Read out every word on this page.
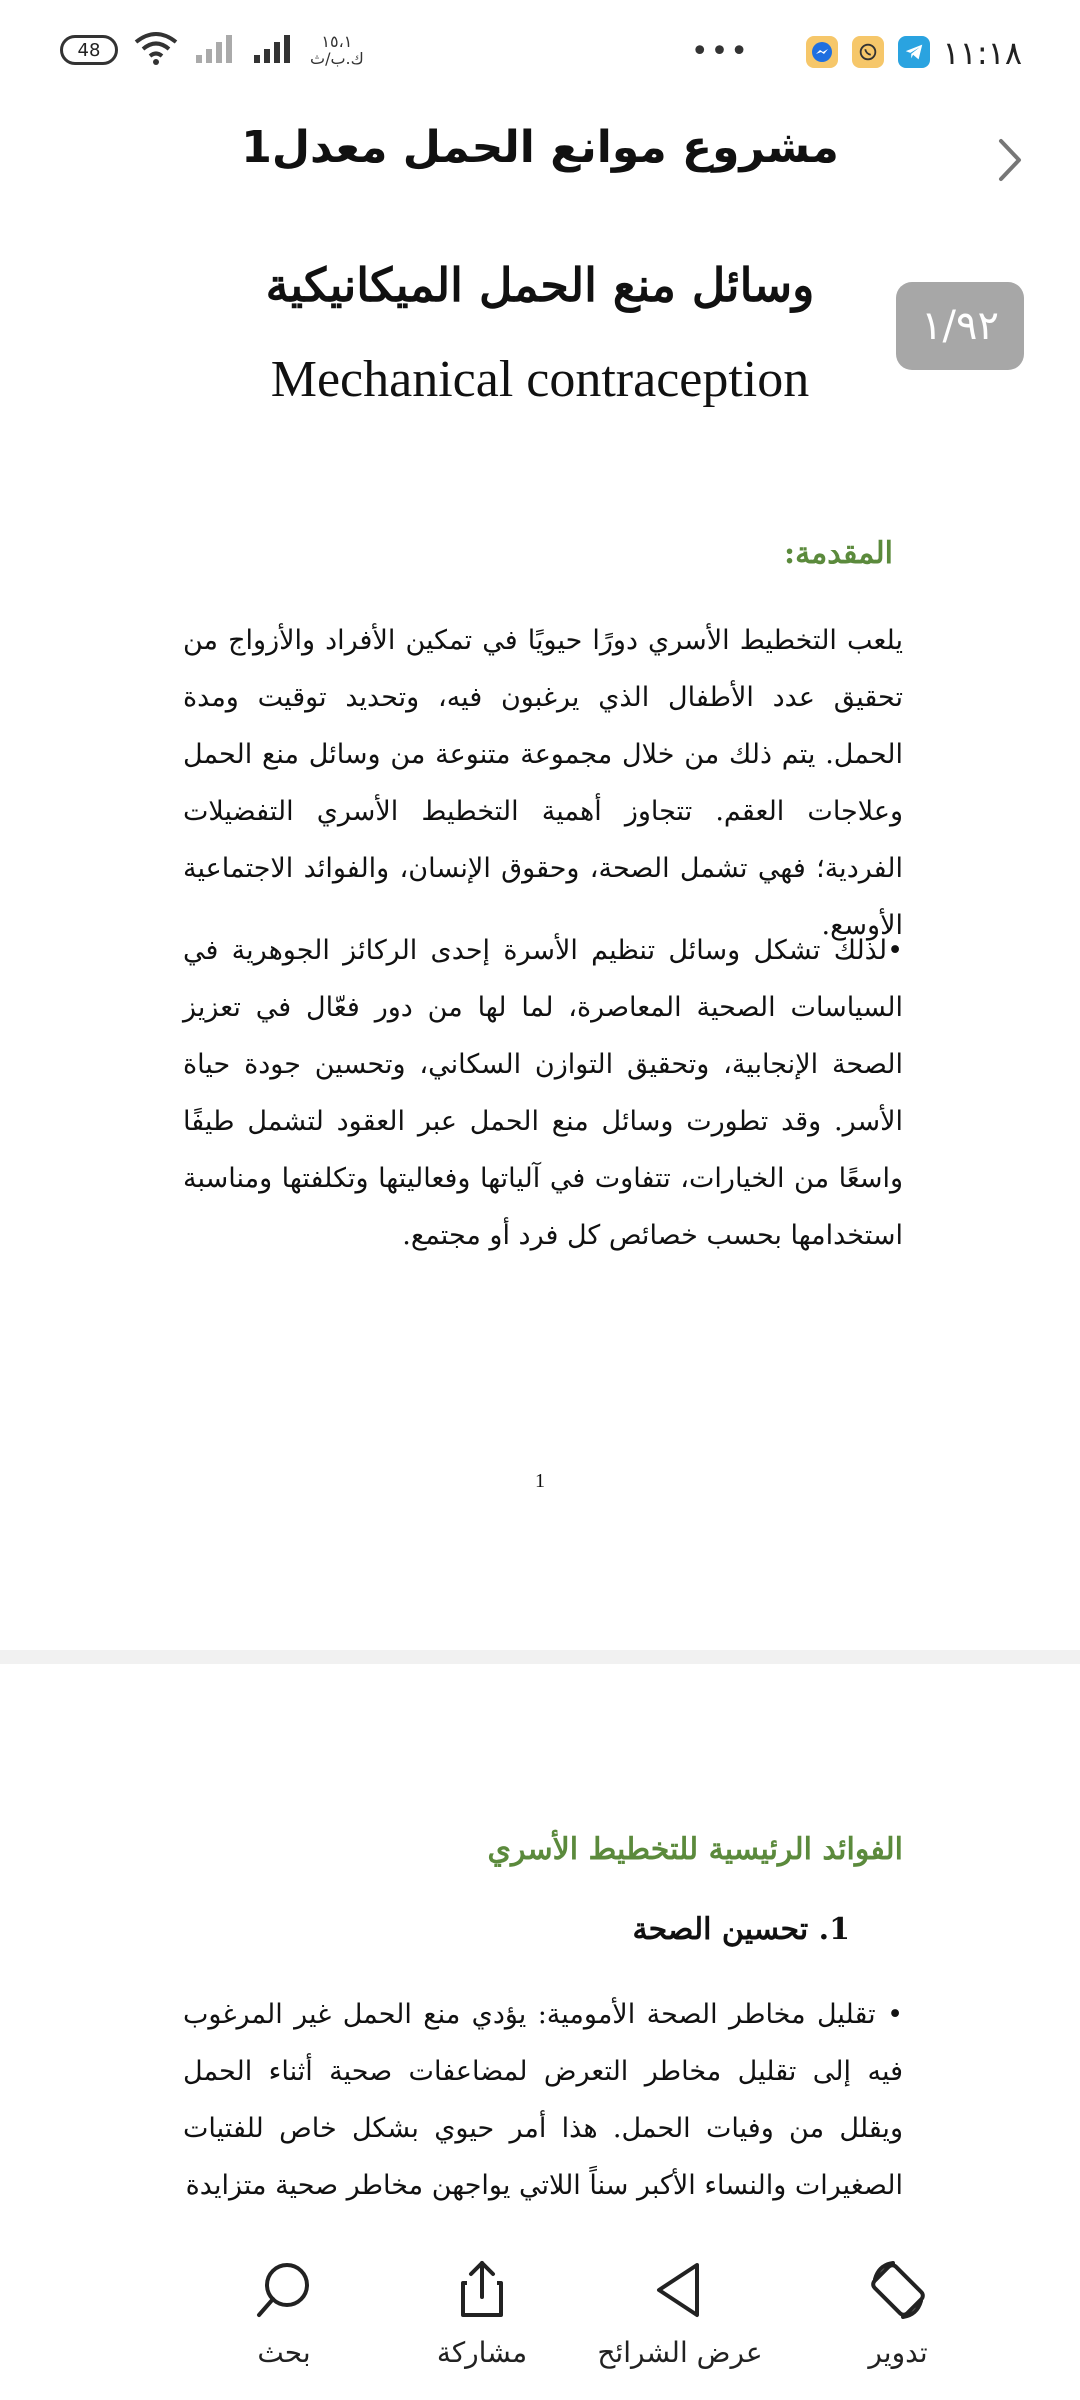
١١:١٨
•••
48	١٥،١
ك.ب/ث
مشروع موانع الحمل معدل1
١/٩٢
وسائل منع الحمل الميكانيكية
Mechanical contraception
المقدمة:
يلعب التخطيط الأسري دورًا حيويًا في تمكين الأفراد والأزواج من تحقيق عدد الأطفال الذي يرغبون فيه، وتحديد توقيت ومدة الحمل. يتم ذلك من خلال مجموعة متنوعة من وسائل منع الحمل وعلاجات العقم. تتجاوز أهمية التخطيط الأسري التفضيلات الفردية؛ فهي تشمل الصحة، وحقوق الإنسان، والفوائد الاجتماعية الأوسع.
•لذلك تشكل وسائل تنظيم الأسرة إحدى الركائز الجوهرية في السياسات الصحية المعاصرة، لما لها من دور فعّال في تعزيز الصحة الإنجابية، وتحقيق التوازن السكاني، وتحسين جودة حياة الأسر. وقد تطورت وسائل منع الحمل عبر العقود لتشمل طيفًا واسعًا من الخيارات، تتفاوت في آلياتها وفعاليتها وتكلفتها ومناسبة استخدامها بحسب خصائص كل فرد أو مجتمع.
1
الفوائد الرئيسية للتخطيط الأسري
1. تحسين الصحة
• تقليل مخاطر الصحة الأمومية: يؤدي منع الحمل غير المرغوب فيه إلى تقليل مخاطر التعرض لمضاعفات صحية أثناء الحمل ويقلل من وفيات الحمل. هذا أمر حيوي بشكل خاص للفتيات الصغيرات والنساء الأكبر سناً اللاتي يواجهن مخاطر صحية متزايدة
تدوير
عرض الشرائح
مشاركة
بحث
